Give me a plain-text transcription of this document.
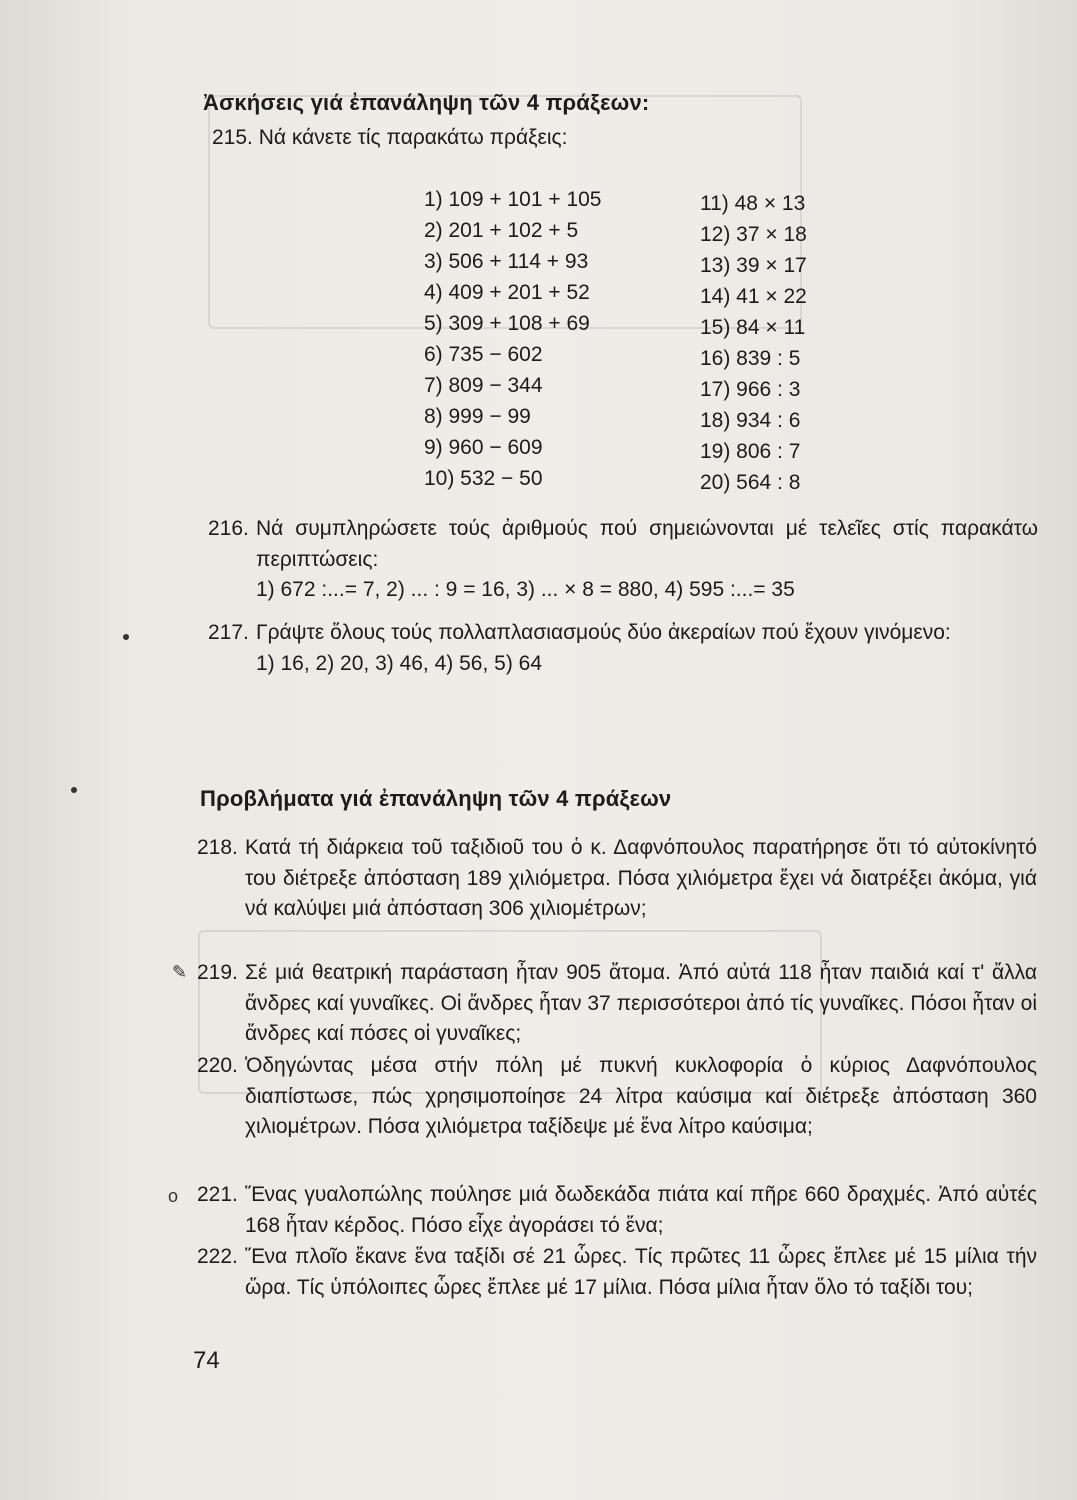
Ἀσκήσεις γιά ἐπανάληψη τῶν 4 πράξεων:
215. Νά κάνετε τίς παρακάτω πράξεις:
1) 109 + 101 + 105
2) 201 + 102 + 5
3) 506 + 114 + 93
4) 409 + 201 + 52
5) 309 + 108 + 69
6) 735 − 602
7) 809 − 344
8) 999 − 99
9) 960 − 609
10) 532 − 50
11) 48 × 13
12) 37 × 18
13) 39 × 17
14) 41 × 22
15) 84 × 11
16) 839 : 5
17) 966 : 3
18) 934 : 6
19) 806 : 7
20) 564 : 8
216. Νά συμπληρώσετε τούς ἀριθμούς πού σημειώνονται μέ τελεῖες στίς παρακάτω περιπτώσεις:
1) 672 :...= 7, 2) ... : 9 = 16, 3) ... × 8 = 880, 4) 595 :...= 35
217. Γράψτε ὅλους τούς πολλαπλασιασμούς δύο ἀκεραίων πού ἔχουν γινόμενο:
1) 16, 2) 20, 3) 46, 4) 56, 5) 64
Προβλήματα γιά ἐπανάληψη τῶν 4 πράξεων
218. Κατά τή διάρκεια τοῦ ταξιδιοῦ του ὁ κ. Δαφνόπουλος παρατήρησε ὅτι τό αὐτοκίνητό του διέτρεξε ἀπόσταση 189 χιλιόμετρα. Πόσα χιλιόμετρα ἔχει νά διατρέξει ἀκόμα, γιά νά καλύψει μιά ἀπόσταση 306 χιλιομέτρων;
✎ 219. Σέ μιά θεατρική παράσταση ἦταν 905 ἄτομα. Ἀπό αὐτά 118 ἦταν παιδιά καί τ' ἄλλα ἄνδρες καί γυναῖκες. Οἱ ἄνδρες ἦταν 37 περισσότεροι ἀπό τίς γυναῖκες. Πόσοι ἦταν οἱ ἄνδρες καί πόσες οἱ γυναῖκες;
220. Ὁδηγώντας μέσα στήν πόλη μέ πυκνή κυκλοφορία ὁ κύριος Δαφνόπουλος διαπίστωσε, πώς χρησιμοποίησε 24 λίτρα καύσιμα καί διέτρεξε ἀπόσταση 360 χιλιομέτρων. Πόσα χιλιόμετρα ταξίδεψε μέ ἕνα λίτρο καύσιμα;
o 221. Ἕνας γυαλοπώλης πούλησε μιά δωδεκάδα πιάτα καί πῆρε 660 δραχμές. Ἀπό αὐτές 168 ἦταν κέρδος. Πόσο εἶχε ἀγοράσει τό ἕνα;
222. Ἕνα πλοῖο ἔκανε ἕνα ταξίδι σέ 21 ὧρες. Τίς πρῶτες 11 ὧρες ἔπλεε μέ 15 μίλια τήν ὥρα. Τίς ὑπόλοιπες ὧρες ἔπλεε μέ 17 μίλια. Πόσα μίλια ἦταν ὅλο τό ταξίδι του;
74
